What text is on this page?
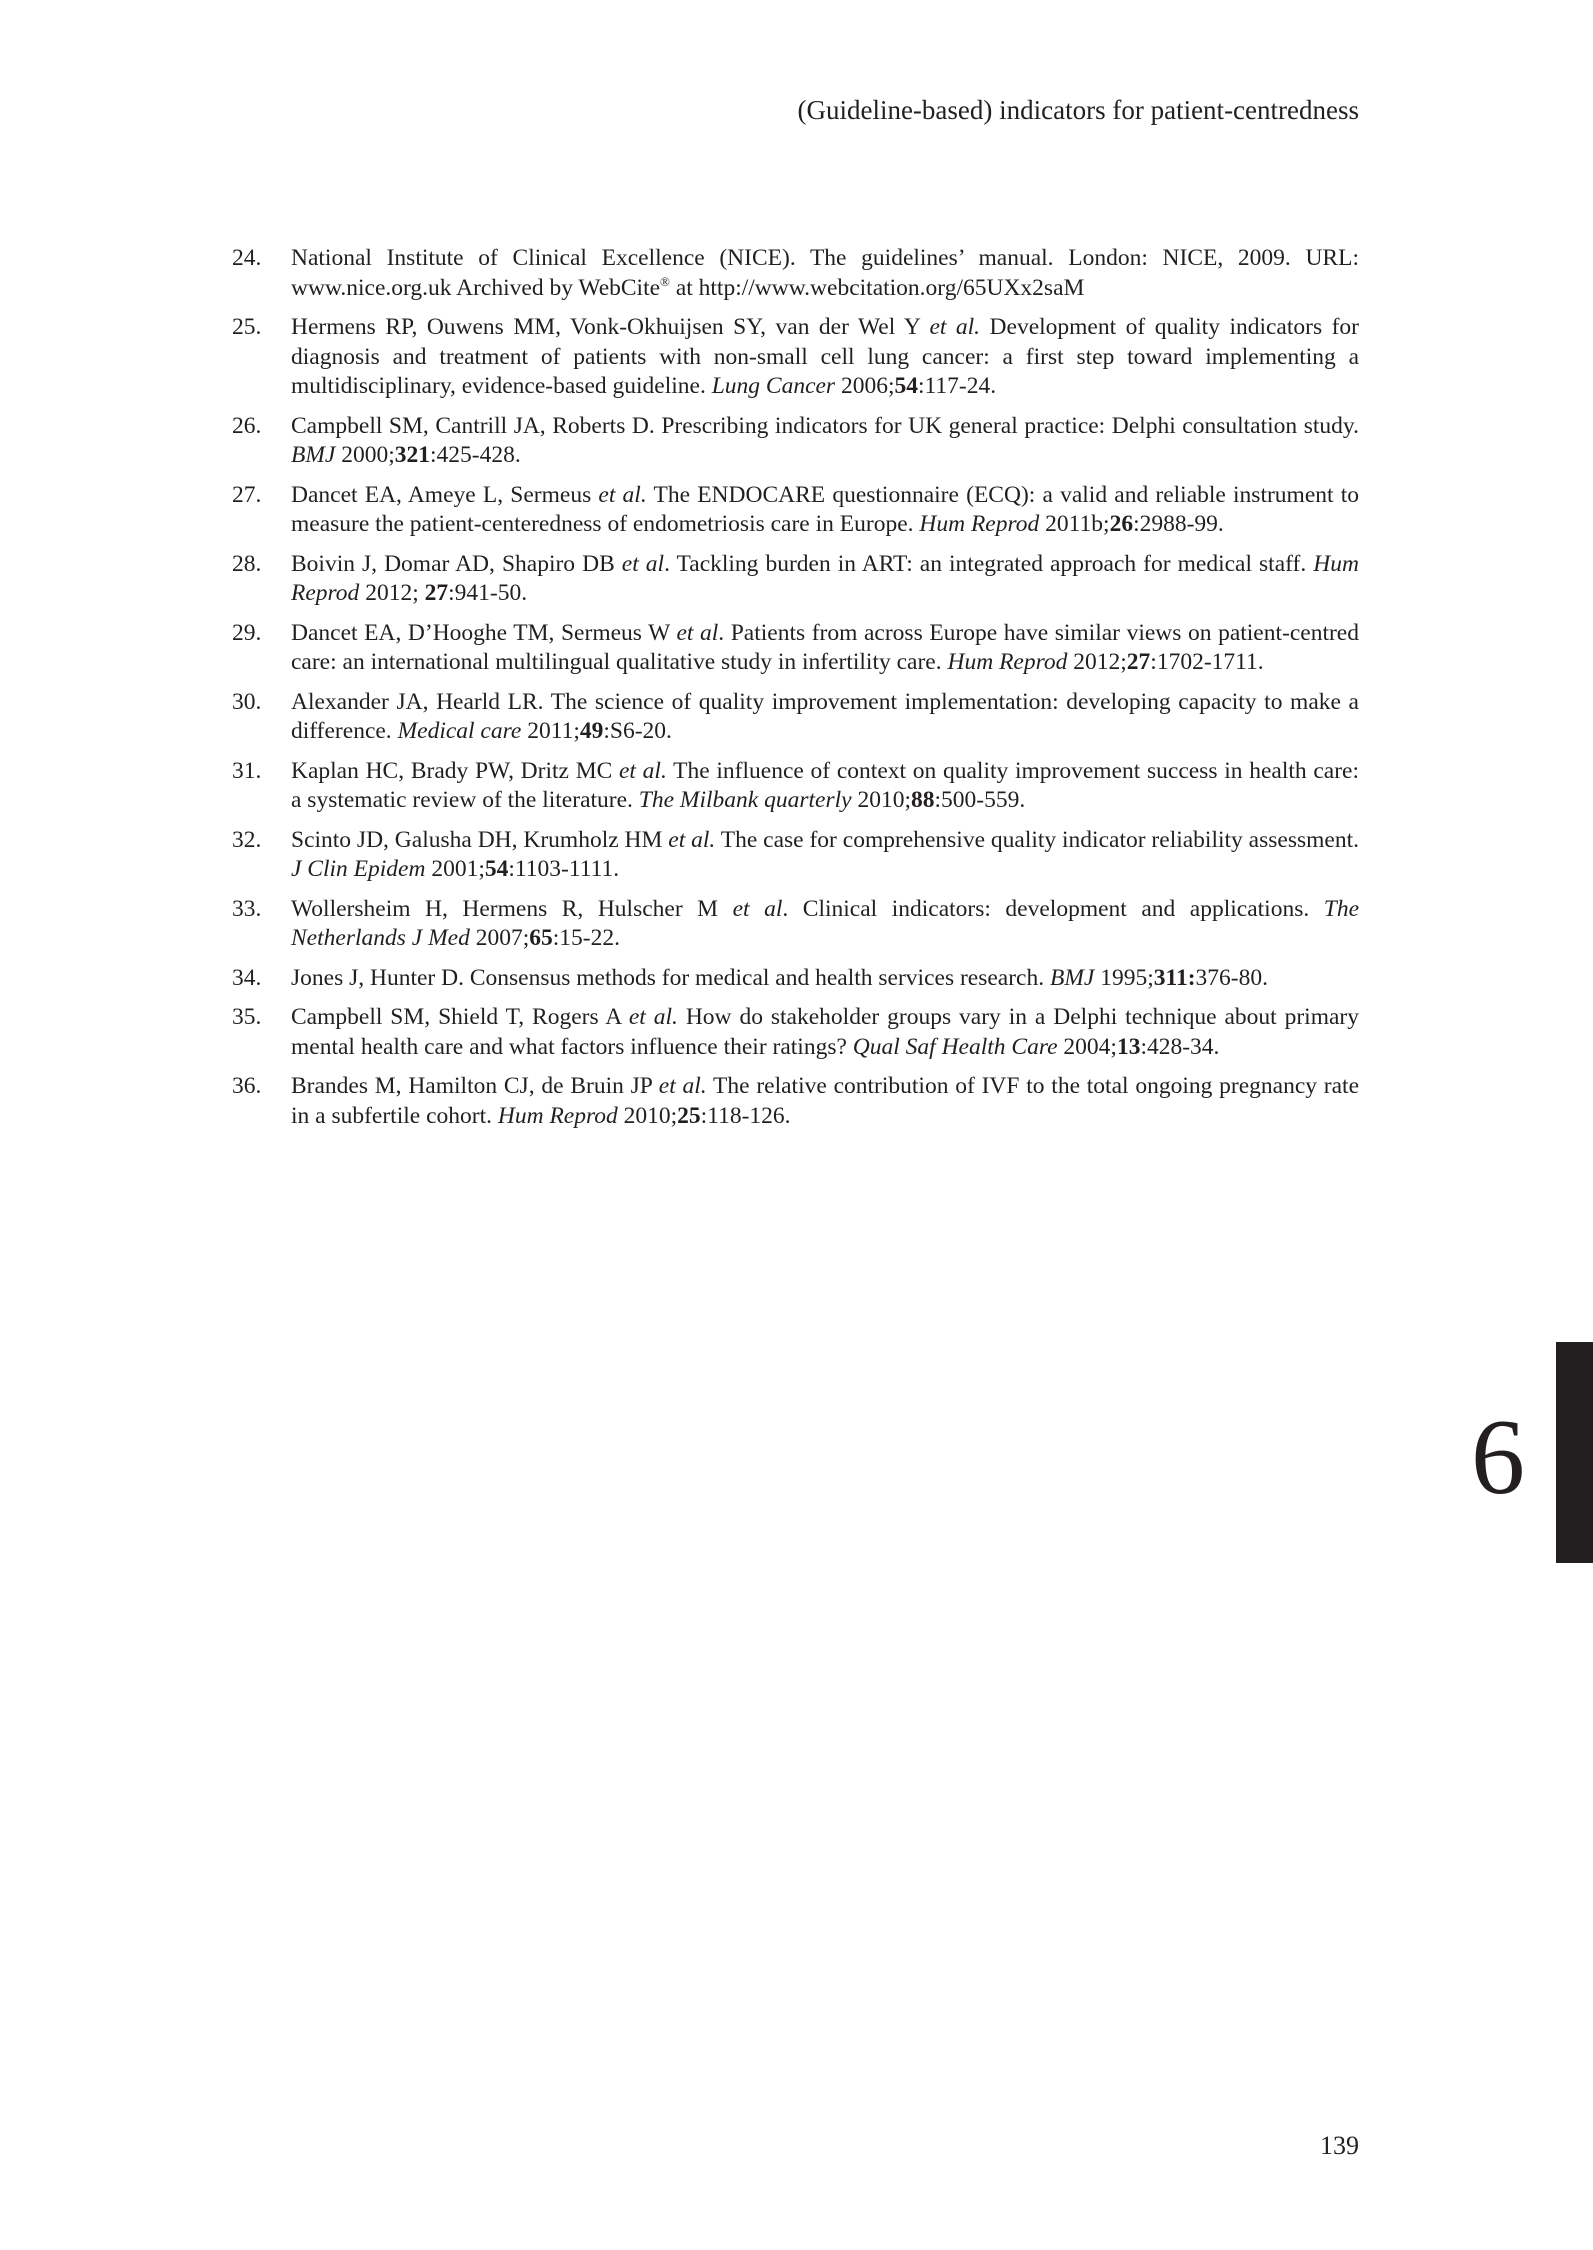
(Guideline-based) indicators for patient-centredness
24. National Institute of Clinical Excellence (NICE). The guidelines’ manual. London: NICE, 2009. URL: www.nice.org.uk Archived by WebCite® at http://www.webcitation.org/65UXx2saM
25. Hermens RP, Ouwens MM, Vonk-Okhuijsen SY, van der Wel Y et al. Development of quality indicators for diagnosis and treatment of patients with non-small cell lung cancer: a first step toward implementing a multidisciplinary, evidence-based guideline. Lung Cancer 2006;54:117-24.
26. Campbell SM, Cantrill JA, Roberts D. Prescribing indicators for UK general practice: Delphi consultation study. BMJ 2000;321:425-428.
27. Dancet EA, Ameye L, Sermeus et al. The ENDOCARE questionnaire (ECQ): a valid and reliable instrument to measure the patient-centeredness of endometriosis care in Europe. Hum Reprod 2011b;26:2988-99.
28. Boivin J, Domar AD, Shapiro DB et al. Tackling burden in ART: an integrated approach for medical staff. Hum Reprod 2012; 27:941-50.
29. Dancet EA, D’Hooghe TM, Sermeus W et al. Patients from across Europe have similar views on patient-centred care: an international multilingual qualitative study in infertility care. Hum Reprod 2012;27:1702-1711.
30. Alexander JA, Hearld LR. The science of quality improvement implementation: developing capacity to make a difference. Medical care 2011;49:S6-20.
31. Kaplan HC, Brady PW, Dritz MC et al. The influence of context on quality improvement success in health care: a systematic review of the literature. The Milbank quarterly 2010;88:500-559.
32. Scinto JD, Galusha DH, Krumholz HM et al. The case for comprehensive quality indicator reliability assessment. J Clin Epidem 2001;54:1103-1111.
33. Wollersheim H, Hermens R, Hulscher M et al. Clinical indicators: development and applications. The Netherlands J Med 2007;65:15-22.
34. Jones J, Hunter D. Consensus methods for medical and health services research. BMJ 1995;311:376-80.
35. Campbell SM, Shield T, Rogers A et al. How do stakeholder groups vary in a Delphi technique about primary mental health care and what factors influence their ratings? Qual Saf Health Care 2004;13:428-34.
36. Brandes M, Hamilton CJ, de Bruin JP et al. The relative contribution of IVF to the total ongoing pregnancy rate in a subfertile cohort. Hum Reprod 2010;25:118-126.
6
139
